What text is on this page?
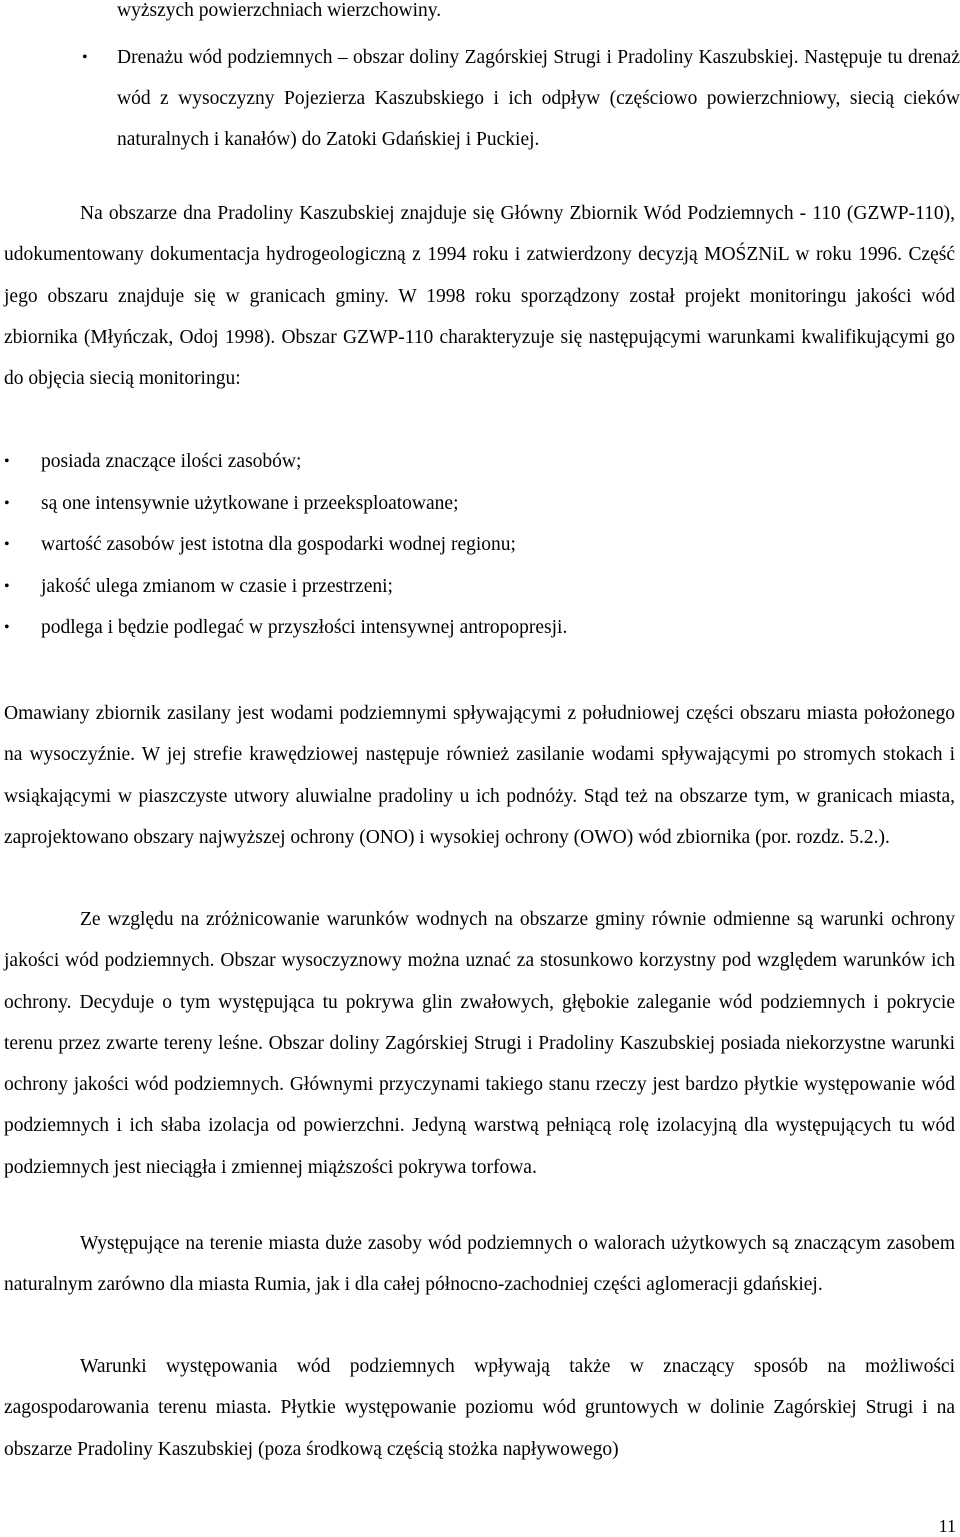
wyższych powierzchniach wierzchowiny.
• Drenażu wód podziemnych – obszar doliny Zagórskiej Strugi i Pradoliny Kaszubskiej. Następuje tu drenaż wód z wysoczyzny Pojezierza Kaszubskiego i ich odpływ (częściowo powierzchniowy, siecią cieków naturalnych i kanałów) do Zatoki Gdańskiej i Puckiej.

Na obszarze dna Pradoliny Kaszubskiej znajduje się Główny Zbiornik Wód Podziemnych - 110 (GZWP-110), udokumentowany dokumentacja hydrogeologiczną z 1994 roku i zatwierdzony decyzją MOŚZNiL w roku 1996. Część jego obszaru znajduje się w granicach gminy. W 1998 roku sporządzony został projekt monitoringu jakości wód zbiornika (Młyńczak, Odoj 1998). Obszar GZWP-110 charakteryzuje się następującymi warunkami kwalifikującymi go do objęcia siecią monitoringu:

• posiada znaczące ilości zasobów;
• są one intensywnie użytkowane i przeeksploatowane;
• wartość zasobów jest istotna dla gospodarki wodnej regionu;
• jakość ulega zmianom w czasie i przestrzeni;
• podlega i będzie podlegać w przyszłości intensywnej antropopresji.

Omawiany zbiornik zasilany jest wodami podziemnymi spływającymi z południowej części obszaru miasta położonego na wysoczyźnie. W jej strefie krawędziowej następuje również zasilanie wodami spływającymi po stromych stokach i wsiąkającymi w piaszczyste utwory aluwialne pradoliny u ich podnóży. Stąd też na obszarze tym, w granicach miasta, zaprojektowano obszary najwyższej ochrony (ONO) i wysokiej ochrony (OWO) wód zbiornika (por. rozdz. 5.2.).

Ze względu na zróżnicowanie warunków wodnych na obszarze gminy równie odmienne są warunki ochrony jakości wód podziemnych. Obszar wysoczyznowy można uznać za stosunkowo korzystny pod względem warunków ich ochrony. Decyduje o tym występująca tu pokrywa glin zwałowych, głębokie zaleganie wód podziemnych i pokrycie terenu przez zwarte tereny leśne. Obszar doliny Zagórskiej Strugi i Pradoliny Kaszubskiej posiada niekorzystne warunki ochrony jakości wód podziemnych. Głównymi przyczynami takiego stanu rzeczy jest bardzo płytkie występowanie wód podziemnych i ich słaba izolacja od powierzchni. Jedyną warstwą pełniącą rolę izolacyjną dla występujących tu wód podziemnych jest nieciągła i zmiennej miąższości pokrywa torfowa.

Występujące na terenie miasta duże zasoby wód podziemnych o walorach użytkowych są znaczącym zasobem naturalnym zarówno dla miasta Rumia, jak i dla całej północno-zachodniej części aglomeracji gdańskiej.

Warunki występowania wód podziemnych wpływają także w znaczący sposób na możliwości zagospodarowania terenu miasta. Płytkie występowanie poziomu wód gruntowych w dolinie Zagórskiej Strugi i na obszarze Pradoliny Kaszubskiej (poza środkową częścią stożka napływowego)

11
